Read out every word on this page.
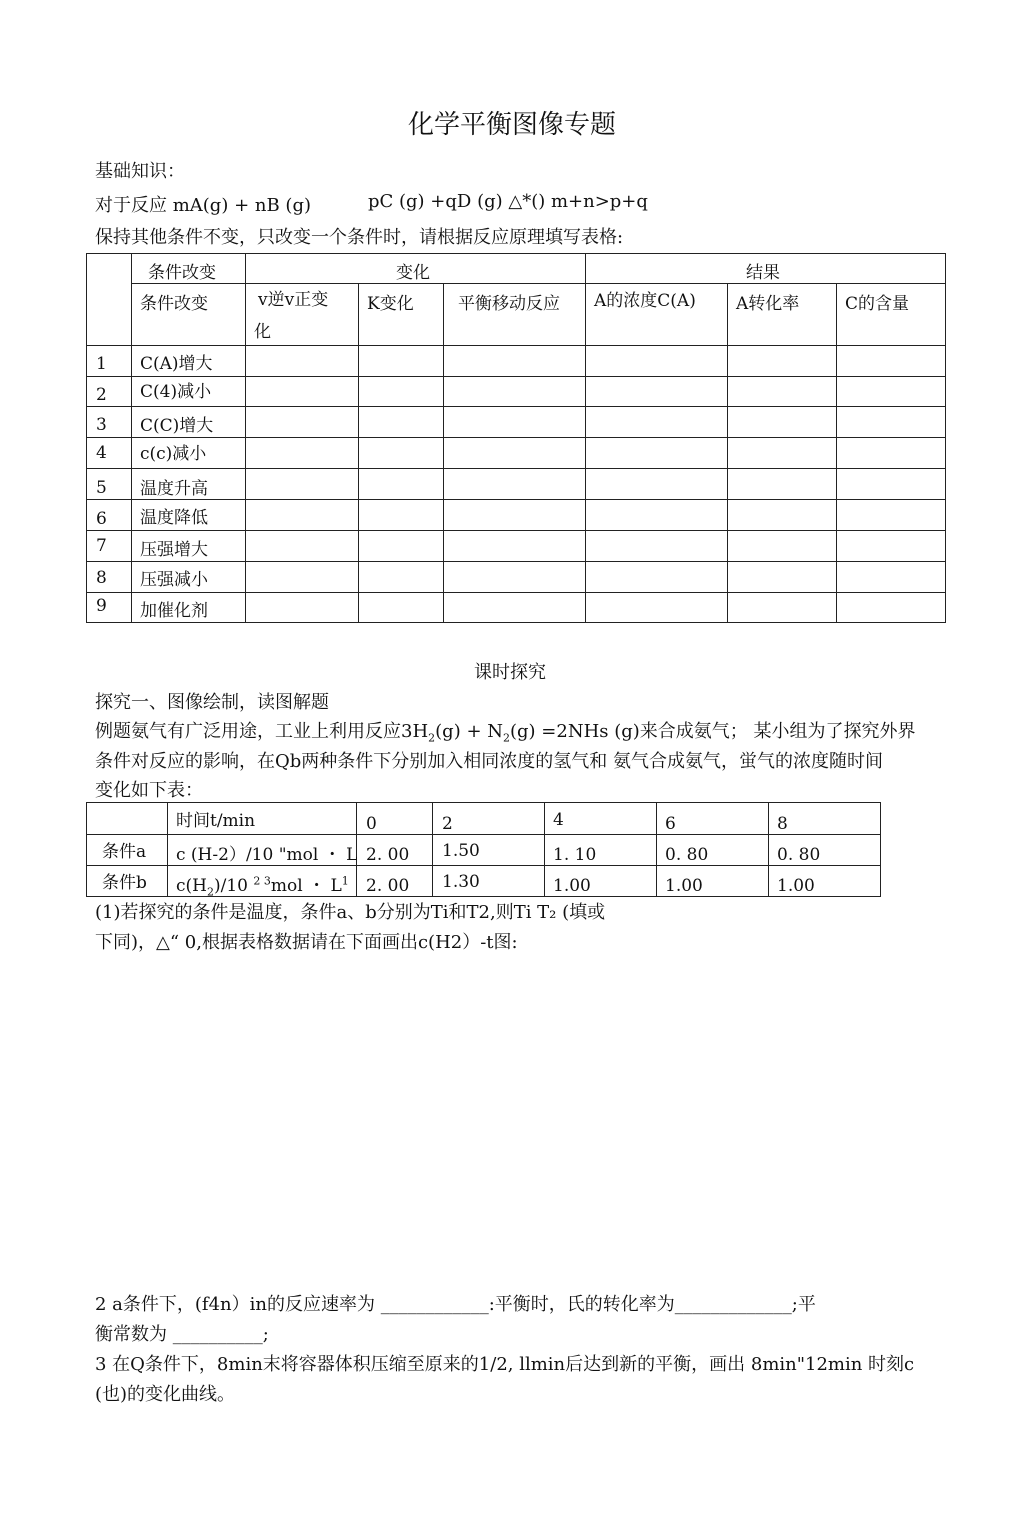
化学平衡图像专题
基础知识：
对于反应 mA(g) + nB (g)	pC (g) +qD (g) △*() m+n>p+q
保持其他条件不变，只改变一个条件时，请根据反应原理填写表格:
条件改变	变化	结果
条件改变	v逆v正变
化
K变化	平衡移动反应 A的浓度C(A) A转化率	C的含量
1 C(A)增大
2 C(4)减小
3 C(C)增大
4 c(c)减小
5 温度升高
6 温度降低
7 压强增大
8 压强减小
9 加催化剂
课时探究
探究一、图像绘制，读图解题
例题氨气有广泛用途，工业上利用反应$3H_2(g) + N_2(g) =2NHs$ (g)来合成氨气； 某小组为了探究外界
条件对反应的影响，在Qb两种条件下分别加入相同浓度的氢气和 氨气合成氨气，蛍气的浓度随时间
变化如下表：
时间t/min	0	2	4	6	8
条件a c (H-2）/10 "mol ・ L 2. 00 1.50	1. 10	0. 80	0. 80
条件b $c(H_2)/10$ $^{2 3}$mol ・ $L^1$ 2. 00 1.30	1.00	1.00	1.00
(1)若探究的条件是温度，条件a、b分别为Ti和T2,则Ti T₂ (填或
下同)，△“ 0,根据表格数据请在下面画出c(H2）-t图:
2 a条件下，(f4n）in的反应速率为 ____________:平衡时，氏的转化率为_____________;平
衡常数为 __________;
3 在Q条件下，8min末将容器体积压缩至原来的1/2, llmin后达到新的平衡，画出 8min"12min 时刻c
(也)的变化曲线。
